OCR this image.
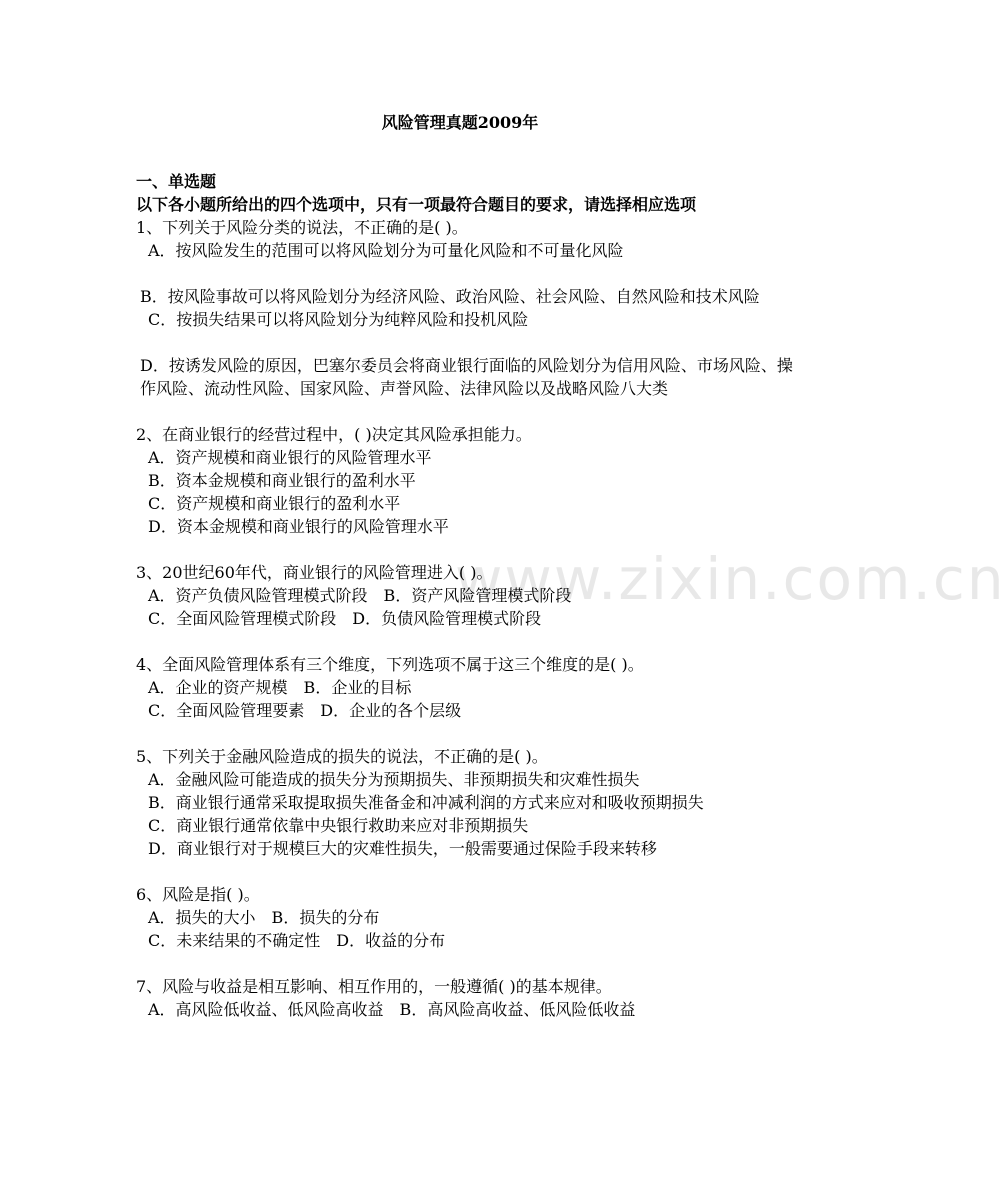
www.zixin.com.cn
风险管理真题2009年
一、单选题
以下各小题所给出的四个选项中，只有一项最符合题目的要求，请选择相应选项
1、下列关于风险分类的说法，不正确的是( )。
A．按风险发生的范围可以将风险划分为可量化风险和不可量化风险
B．按风险事故可以将风险划分为经济风险、政治风险、社会风险、自然风险和技术风险
C．按损失结果可以将风险划分为纯粹风险和投机风险
D．按诱发风险的原因，巴塞尔委员会将商业银行面临的风险划分为信用风险、市场风险、操作风险、流动性风险、国家风险、声誉风险、法律风险以及战略风险八大类
2、在商业银行的经营过程中，( )决定其风险承担能力。
A．资产规模和商业银行的风险管理水平
B．资本金规模和商业银行的盈利水平
C．资产规模和商业银行的盈利水平
D．资本金规模和商业银行的风险管理水平
3、20世纪60年代，商业银行的风险管理进入( )。
A．资产负债风险管理模式阶段　B．资产风险管理模式阶段
C．全面风险管理模式阶段　D．负债风险管理模式阶段
4、全面风险管理体系有三个维度，下列选项不属于这三个维度的是( )。
A．企业的资产规模　B．企业的目标
C．全面风险管理要素　D．企业的各个层级
5、下列关于金融风险造成的损失的说法，不正确的是( )。
A．金融风险可能造成的损失分为预期损失、非预期损失和灾难性损失
B．商业银行通常采取提取损失准备金和冲减利润的方式来应对和吸收预期损失
C．商业银行通常依靠中央银行救助来应对非预期损失
D．商业银行对于规模巨大的灾难性损失，一般需要通过保险手段来转移
6、风险是指( )。
A．损失的大小　B．损失的分布
C．未来结果的不确定性　D．收益的分布
7、风险与收益是相互影响、相互作用的，一般遵循( )的基本规律。
A．高风险低收益、低风险高收益　B．高风险高收益、低风险低收益
